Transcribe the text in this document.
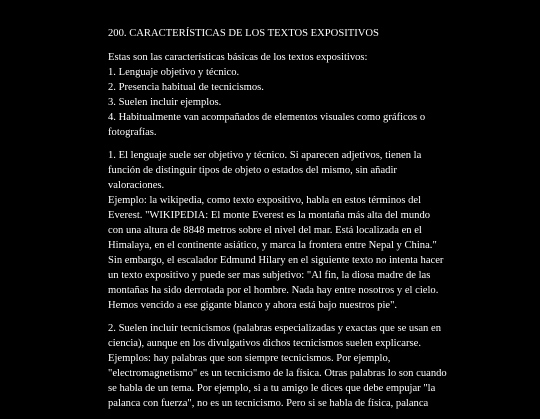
200. CARACTERÍSTICAS DE LOS TEXTOS EXPOSITIVOS
Estas son las características básicas de los textos expositivos:
1. Lenguaje objetivo y técnico.
2. Presencia habitual de tecnicismos.
3. Suelen incluir ejemplos.
4. Habitualmente van acompañados de elementos visuales como gráficos o
fotografías.
1. El lenguaje suele ser objetivo y técnico. Si aparecen adjetivos, tienen la
función de distinguir tipos de objeto o estados del mismo, sin añadir
valoraciones.
Ejemplo: la wikipedia, como texto expositivo, habla en estos términos del
Everest. "WIKIPEDIA: El monte Everest es la montaña más alta del mundo
con una altura de 8848 metros sobre el nivel del mar. Está localizada en el
Himalaya, en el continente asiático, y marca la frontera entre Nepal y China."
Sin embargo, el escalador Edmund Hilary en el siguiente texto no intenta hacer
un texto expositivo y puede ser mas subjetivo: "Al fin, la diosa madre de las
montañas ha sido derrotada por el hombre. Nada hay entre nosotros y el cielo.
Hemos vencido a ese gigante blanco y ahora está bajo nuestros pie".
2. Suelen incluir tecnicismos (palabras especializadas y exactas que se usan en
ciencia), aunque en los divulgativos dichos tecnicismos suelen explicarse.
Ejemplos: hay palabras que son siempre tecnicismos. Por ejemplo,
"electromagnetismo" es un tecnicismo de la física. Otras palabras lo son cuando
se habla de un tema. Por ejemplo, si a tu amigo le dices que debe empujar "la
palanca con fuerza", no es un tecnicismo. Pero si se habla de física, palanca
